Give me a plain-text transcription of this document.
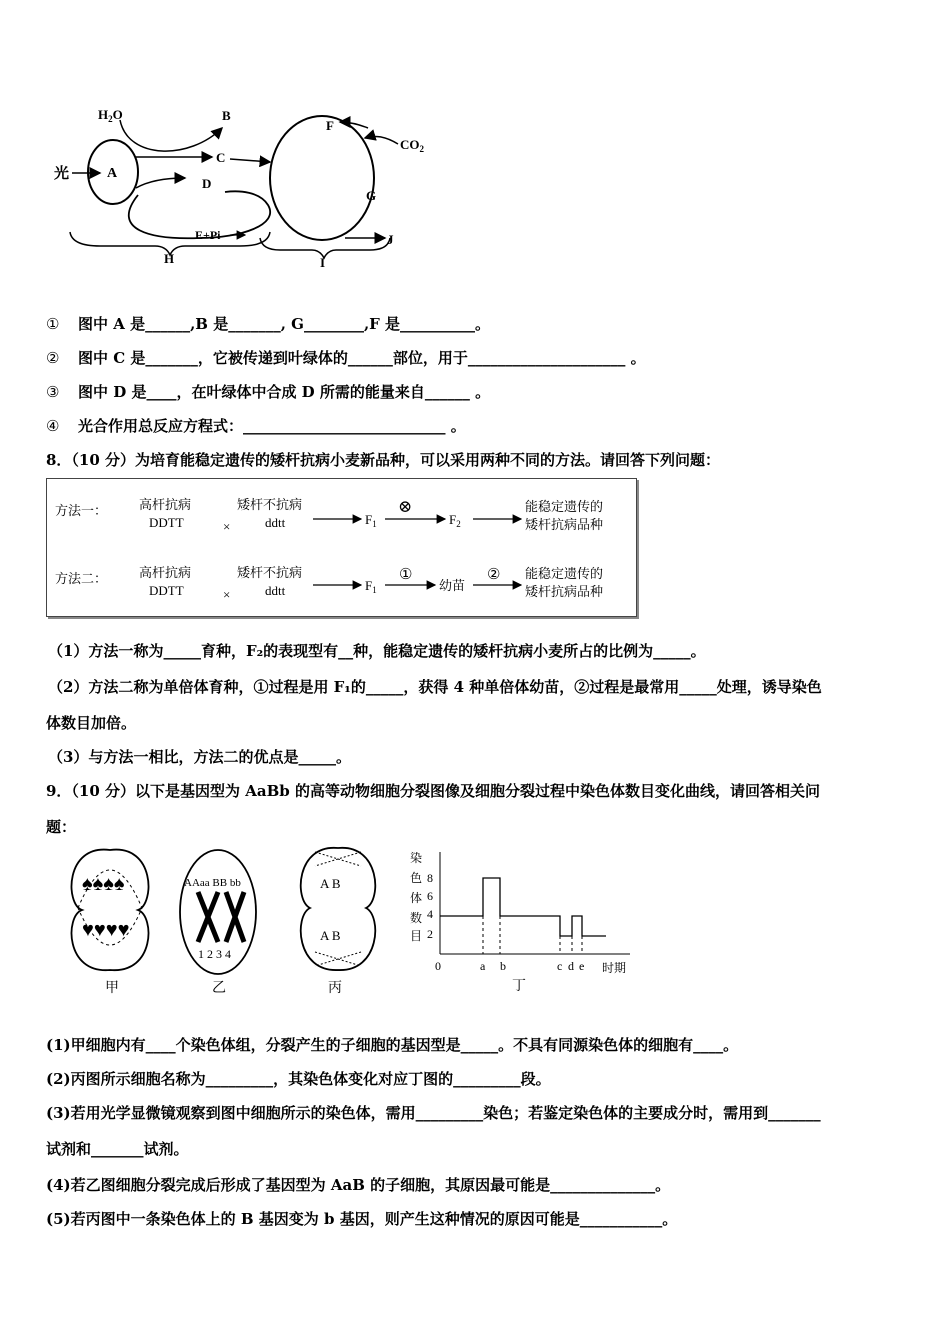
光	A
$H_2O$	B
C
D
E+Pi
F
$CO_2$
G
J
H	I
① 图中 A 是______,B 是_______, G________,F 是__________。
② 图中 C 是_______，它被传递到叶绿体的______部位，用于_____________________ 。
③ 图中 D 是____，在叶绿体中合成 D 所需的能量来自______ 。
④ 光合作用总反应方程式：___________________________ 。
8．（10 分）为培育能稳定遗传的矮杆抗病小麦新品种，可以采用两种不同的方法。请回答下列问题：
方法一： 高杆抗病
DDTT	×
矮杆不抗病
ddtt	$F_1$
⊗
$F_2$
能稳定遗传的
矮杆抗病品种
方法二： 高杆抗病
DDTT	×
矮杆不抗病
ddtt	$F_1$
①
幼苗
② 能稳定遗传的
矮杆抗病品种
（1）方法一称为_____育种，F₂的表现型有__种，能稳定遗传的矮杆抗病小麦所占的比例为_____。
（2）方法二称为单倍体育种，①过程是用 F₁的_____，获得 4 种单倍体幼苗，②过程是最常用_____处理，诱导染色
体数目加倍。
（3）与方法一相比，方法二的优点是_____。
9．（10 分）以下是基因型为 AaBb 的高等动物细胞分裂图像及细胞分裂过程中染色体数目变化曲线，请回答相关问
题：
♠♠♠♠
♥♥♥♥
甲
AAaa BB bb
1 2 3 4
乙
A B
A B
丙
染
色
体
数
目
8
6
4
2
0	a b	c d e 时期
丁
(1)甲细胞内有____个染色体组，分裂产生的子细胞的基因型是_____。不具有同源染色体的细胞有____。
(2)丙图所示细胞名称为_________，其染色体变化对应丁图的_________段。
(3)若用光学显微镜观察到图中细胞所示的染色体，需用_________染色；若鉴定染色体的主要成分时，需用到_______
试剂和_______试剂。
(4)若乙图细胞分裂完成后形成了基因型为 AaB 的子细胞，其原因最可能是______________。
(5)若丙图中一条染色体上的 B 基因变为 b 基因，则产生这种情况的原因可能是___________。
